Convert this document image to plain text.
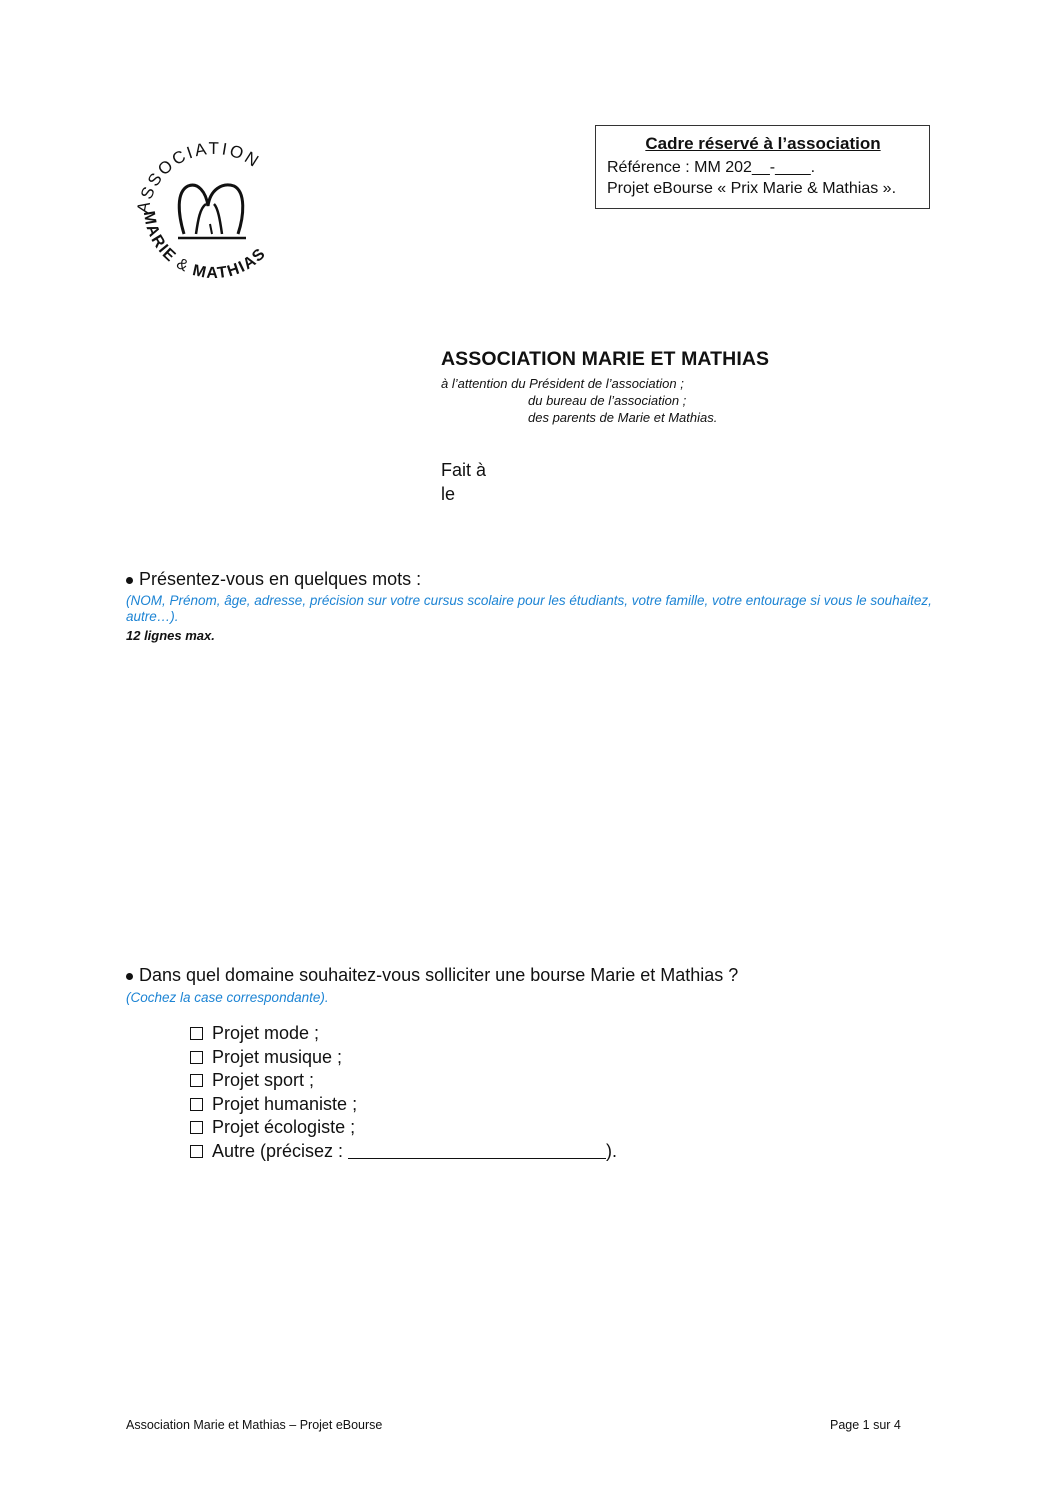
ASSOCIATION
MARIE & MATHIAS
Cadre réservé à l’association
Référence : MM 202__-____.
Projet eBourse « Prix Marie & Mathias ».
ASSOCIATION MARIE ET MATHIAS
à l’attention du Président de l’association ;
du bureau de l’association ;
des parents de Marie et Mathias.
Fait à
le
Présentez-vous en quelques mots :
(NOM, Prénom, âge, adresse, précision sur votre cursus scolaire pour les étudiants, votre famille, votre entourage si vous le souhaitez, autre…).
12 lignes max.
Dans quel domaine souhaitez-vous solliciter une bourse Marie et Mathias ?
(Cochez la case correspondante).
Projet mode ;
Projet musique ;
Projet sport ;
Projet humaniste ;
Projet écologiste ;
Autre (précisez :	).
Association Marie et Mathias – Projet eBourse	Page 1 sur 4
